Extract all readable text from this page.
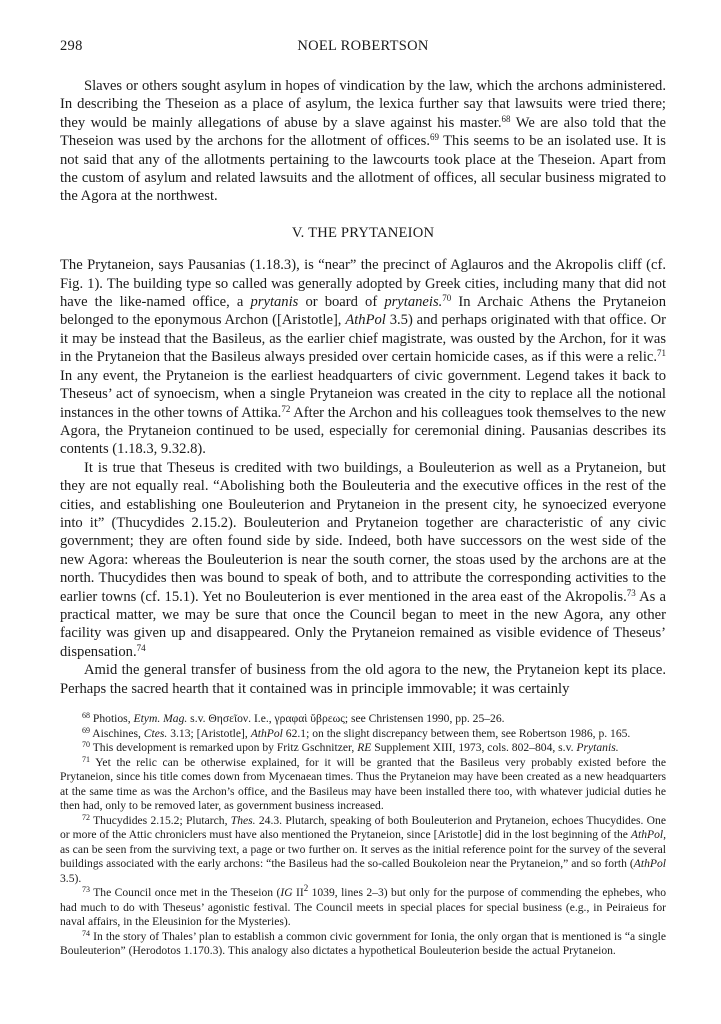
298	NOEL ROBERTSON

Slaves or others sought asylum in hopes of vindication by the law, which the archons administered. In describing the Theseion as a place of asylum, the lexica further say that lawsuits were tried there; they would be mainly allegations of abuse by a slave against his master.$^{68}$ We are also told that the Theseion was used by the archons for the allotment of offices.$^{69}$ This seems to be an isolated use. It is not said that any of the allotments pertaining to the lawcourts took place at the Theseion. Apart from the custom of asylum and related lawsuits and the allotment of offices, all secular business migrated to the Agora at the northwest.

V. THE PRYTANEION

The Prytaneion, says Pausanias (1.18.3), is “near” the precinct of Aglauros and the Akropolis cliff (cf. Fig. 1). The building type so called was generally adopted by Greek cities, including many that did not have the like-named office, a prytanis or board of prytaneis.$^{70}$ In Archaic Athens the Prytaneion belonged to the eponymous Archon ([Aristotle], AthPol 3.5) and perhaps originated with that office. Or it may be instead that the Basileus, as the earlier chief magistrate, was ousted by the Archon, for it was in the Prytaneion that the Basileus always presided over certain homicide cases, as if this were a relic.$^{71}$ In any event, the Prytaneion is the earliest headquarters of civic government. Legend takes it back to Theseus’ act of synoecism, when a single Prytaneion was created in the city to replace all the notional instances in the other towns of Attika.$^{72}$ After the Archon and his colleagues took themselves to the new Agora, the Prytaneion continued to be used, especially for ceremonial dining. Pausanias describes its contents (1.18.3, 9.32.8).

It is true that Theseus is credited with two buildings, a Bouleuterion as well as a Prytaneion, but they are not equally real. “Abolishing both the Bouleuteria and the executive offices in the rest of the cities, and establishing one Bouleuterion and Prytaneion in the present city, he synoecized everyone into it” (Thucydides 2.15.2). Bouleuterion and Prytaneion together are characteristic of any civic government; they are often found side by side. Indeed, both have successors on the west side of the new Agora: whereas the Bouleuterion is near the south corner, the stoas used by the archons are at the north. Thucydides then was bound to speak of both, and to attribute the corresponding activities to the earlier towns (cf. 15.1). Yet no Bouleuterion is ever mentioned in the area east of the Akropolis.$^{73}$ As a practical matter, we may be sure that once the Council began to meet in the new Agora, any other facility was given up and disappeared. Only the Prytaneion remained as visible evidence of Theseus’ dispensation.$^{74}$

Amid the general transfer of business from the old agora to the new, the Prytaneion kept its place. Perhaps the sacred hearth that it contained was in principle immovable; it was certainly

$^{68}$ Photios, Etym. Mag. s.v. Θησεῖον. I.e., γραφαὶ ὕβρεως; see Christensen 1990, pp. 25–26.

$^{69}$ Aischines, Ctes. 3.13; [Aristotle], AthPol 62.1; on the slight discrepancy between them, see Robertson 1986, p. 165.

$^{70}$ This development is remarked upon by Fritz Gschnitzer, RE Supplement XIII, 1973, cols. 802–804, s.v. Prytanis.

$^{71}$ Yet the relic can be otherwise explained, for it will be granted that the Basileus very probably existed before the Prytaneion, since his title comes down from Mycenaean times. Thus the Prytaneion may have been created as a new headquarters at the same time as was the Archon’s office, and the Basileus may have been installed there too, with whatever judicial duties he then had, only to be removed later, as government business increased.

$^{72}$ Thucydides 2.15.2; Plutarch, Thes. 24.3. Plutarch, speaking of both Bouleuterion and Prytaneion, echoes Thucydides. One or more of the Attic chroniclers must have also mentioned the Prytaneion, since [Aristotle] did in the lost beginning of the AthPol, as can be seen from the surviving text, a page or two further on. It serves as the initial reference point for the survey of the several buildings associated with the early archons: “the Basileus had the so-called Boukoleion near the Prytaneion,” and so forth (AthPol 3.5).

$^{73}$ The Council once met in the Theseion (IG $II^2$ 1039, lines 2–3) but only for the purpose of commending the ephebes, who had much to do with Theseus’ agonistic festival. The Council meets in special places for special business (e.g., in Peiraieus for naval affairs, in the Eleusinion for the Mysteries).

$^{74}$ In the story of Thales’ plan to establish a common civic government for Ionia, the only organ that is mentioned is “a single Bouleuterion” (Herodotos 1.170.3). This analogy also dictates a hypothetical Bouleuterion beside the actual Prytaneion.
